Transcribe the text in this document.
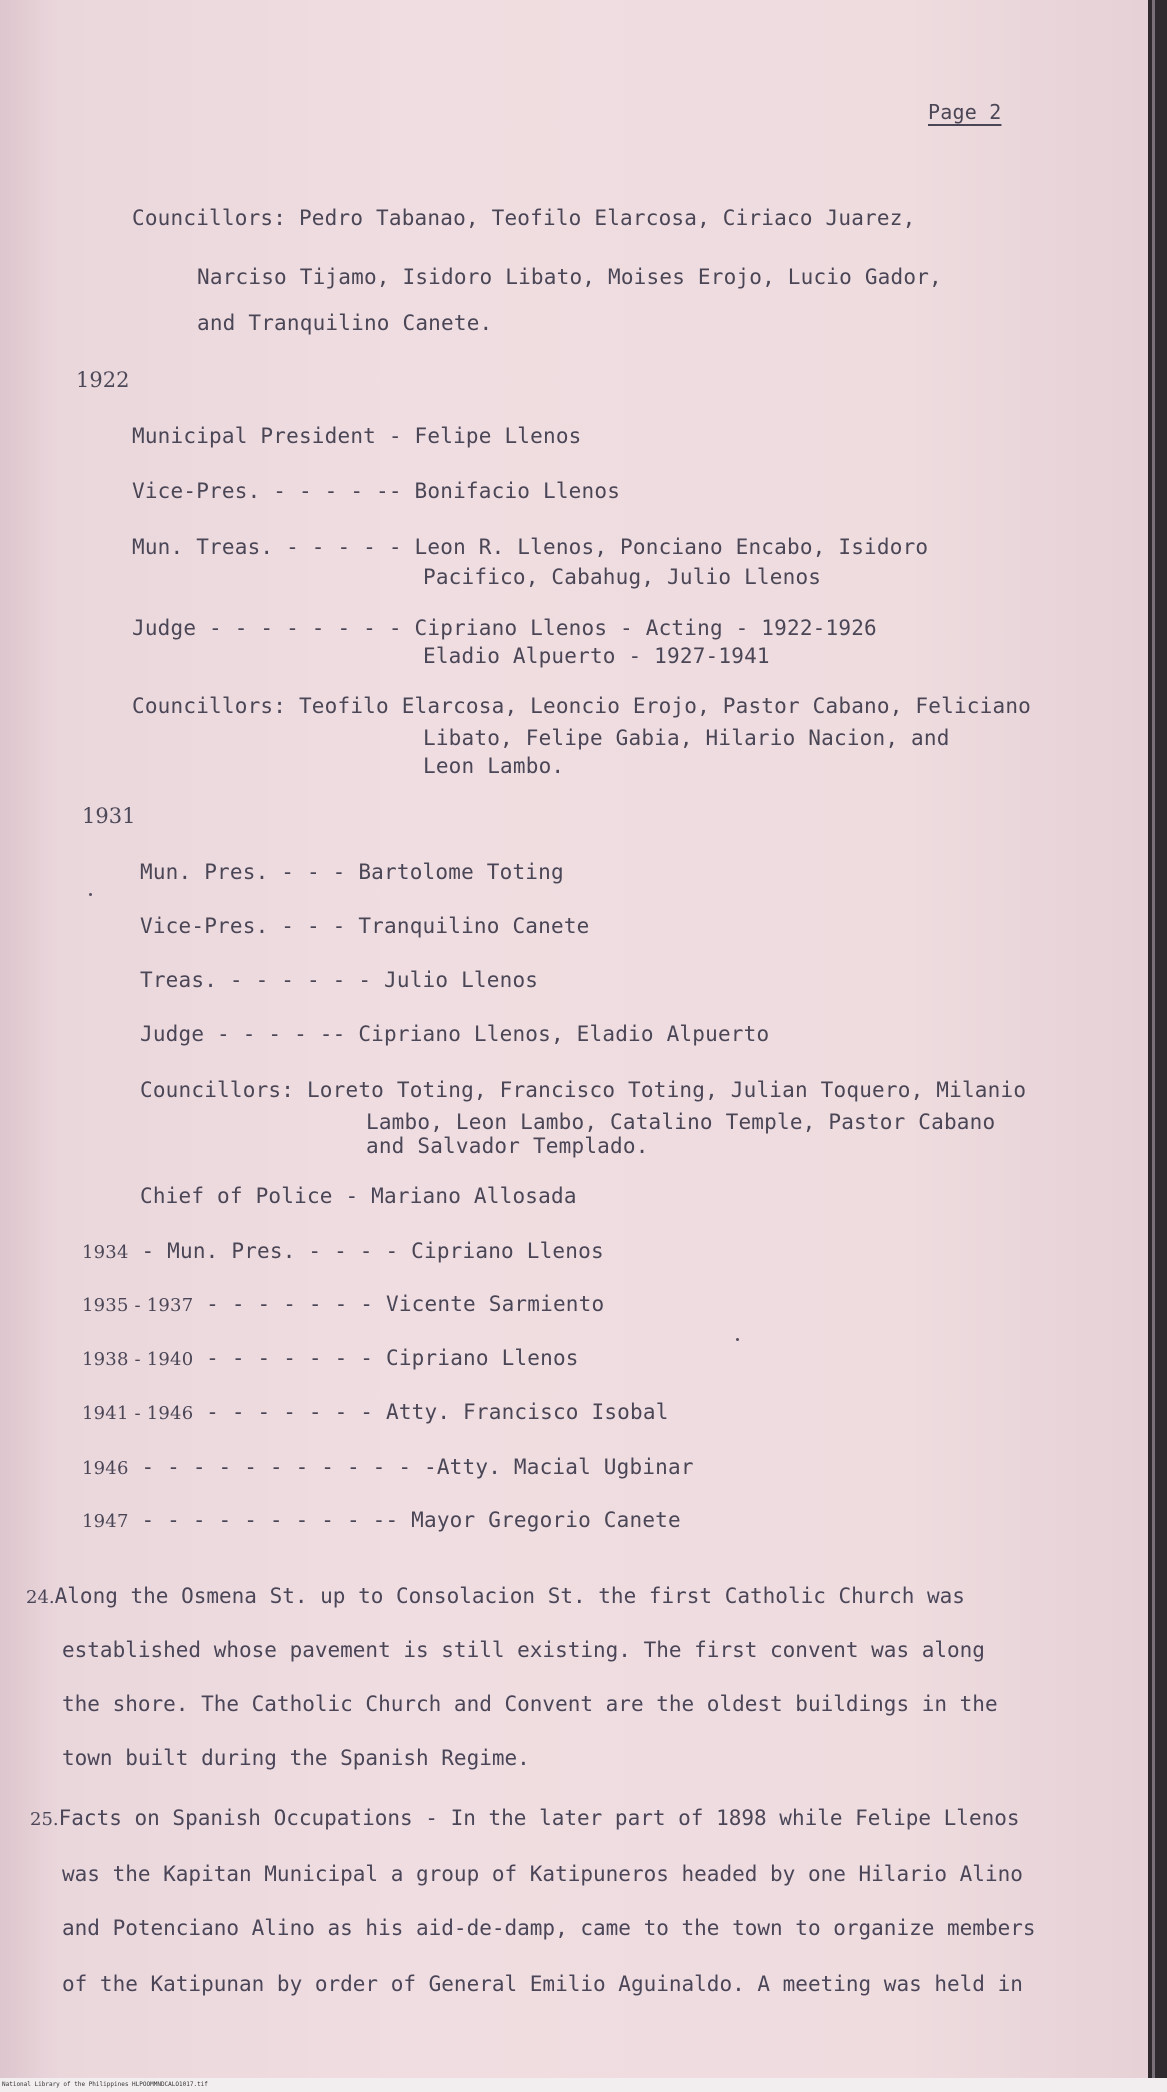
Page 2
Councillors: Pedro Tabanao, Teofilo Elarcosa, Ciriaco Juarez,
Narciso Tijamo, Isidoro Libato, Moises Erojo, Lucio Gador,
and Tranquilino Canete.
1922
Municipal President - Felipe Llenos
Vice-Pres. - - - - -- Bonifacio Llenos
Mun. Treas. - - - - - Leon R. Llenos, Ponciano Encabo, Isidoro
Pacifico, Cabahug, Julio Llenos
Judge - - - - - - - - Cipriano Llenos - Acting - 1922-1926
Eladio Alpuerto - 1927-1941
Councillors: Teofilo Elarcosa, Leoncio Erojo, Pastor Cabano, Feliciano
Libato, Felipe Gabia, Hilario Nacion, and
Leon Lambo.
1931
Mun. Pres. - - - Bartolome Toting
Vice-Pres. - - - Tranquilino Canete
Treas. - - - - - - Julio Llenos
Judge - - - - -- Cipriano Llenos, Eladio Alpuerto
Councillors: Loreto Toting, Francisco Toting, Julian Toquero, Milanio
Lambo, Leon Lambo, Catalino Temple, Pastor Cabano
and Salvador Templado.
Chief of Police - Mariano Allosada
1934 - Mun. Pres. - - - - Cipriano Llenos
1935 - 1937 - - - - - - - Vicente Sarmiento
1938 - 1940 - - - - - - - Cipriano Llenos
1941 - 1946 - - - - - - - Atty. Francisco Isobal
1946 - - - - - - - - - - - -Atty. Macial Ugbinar
1947 - - - - - - - - - -- Mayor Gregorio Canete
24.Along the Osmena St. up to Consolacion St. the first Catholic Church was
established whose pavement is still existing. The first convent was along
the shore. The Catholic Church and Convent are the oldest buildings in the
town built during the Spanish Regime.
25.Facts on Spanish Occupations - In the later part of 1898 while Felipe Llenos
was the Kapitan Municipal a group of Katipuneros headed by one Hilario Alino
and Potenciano Alino as his aid-de-damp, came to the town to organize members
of the Katipunan by order of General Emilio Aguinaldo. A meeting was held in
National Library of the Philippines HLPOOMMNDCALO1017.tif
